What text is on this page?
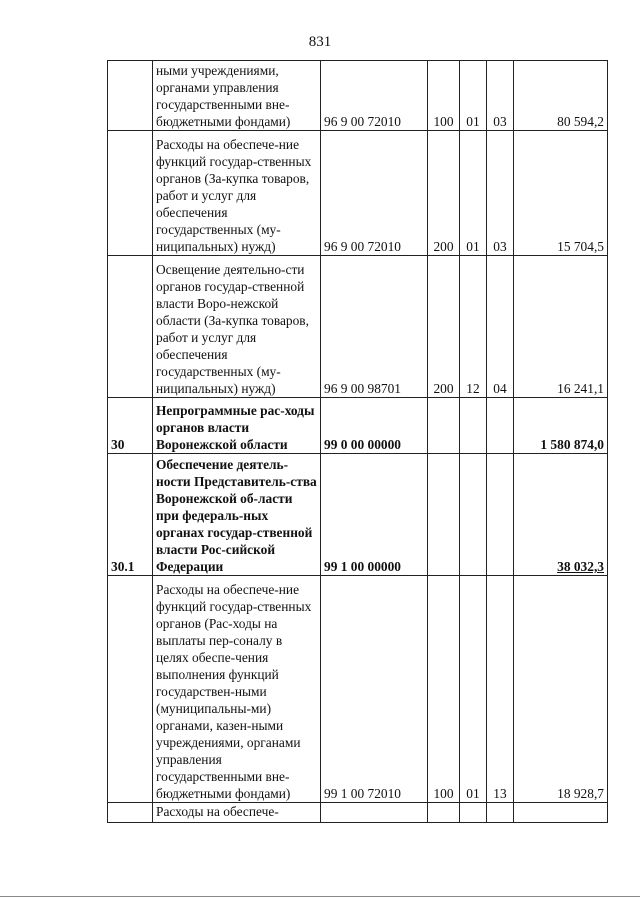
831
	ными учреждениями, органами управления государственными вне-бюджетными фондами)	96 9 00 72010	100	01	03	80 594,2
	Расходы на обеспече-ние функций государ-ственных органов (За-купка товаров, работ и услуг для обеспечения государственных (му-ниципальных) нужд)	96 9 00 72010	200	01	03	15 704,5
	Освещение деятельно-сти органов государ-ственной власти Воро-нежской области (За-купка товаров, работ и услуг для обеспечения государственных (му-ниципальных) нужд)	96 9 00 98701	200	12	04	16 241,1
30	Непрограммные рас-ходы органов власти Воронежской области	99 0 00 00000				1 580 874,0
30.1	Обеспечение деятель-ности Представитель-ства Воронежской об-ласти при федераль-ных органах государ-ственной власти Рос-сийской Федерации	99 1 00 00000				38 032,3
	Расходы на обеспече-ние функций государ-ственных органов (Рас-ходы на выплаты пер-соналу в целях обеспе-чения выполнения функций государствен-ными (муниципальны-ми) органами, казен-ными учреждениями, органами управления государственными вне-бюджетными фондами)	99 1 00 72010	100	01	13	18 928,7
	Расходы на обеспече-					
